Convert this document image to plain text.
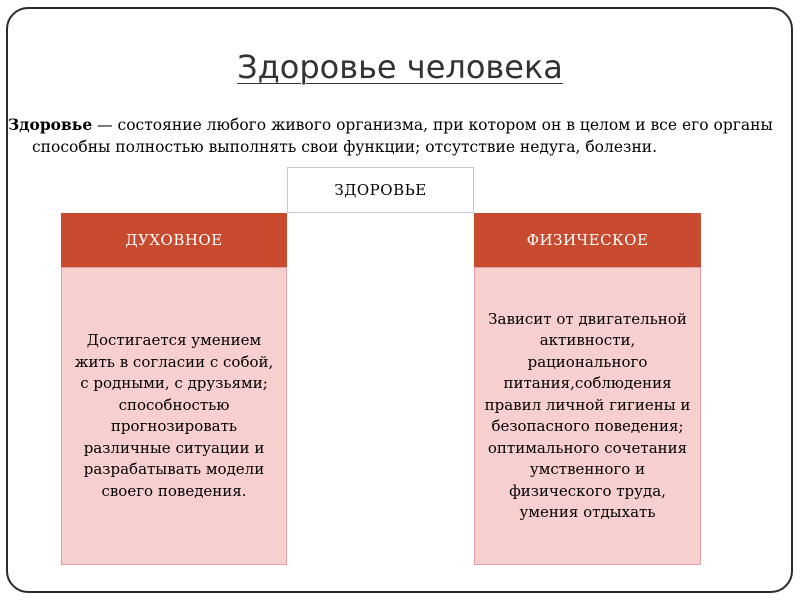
Здоровье человека
Здоровье — состояние любого живого организма, при котором он в целом и все его органы способны полностью выполнять свои функции; отсутствие недуга, болезни.
ЗДОРОВЬЕ
ДУХОВНОЕ

Достигается умением жить в согласии с собой, с родными, с друзьями;

способностью прогнозировать различные ситуации и разрабатывать модели своего поведения.

ФИЗИЧЕСКОЕ

Зависит от двигательной активности, рационального питания,соблюдения правил личной гигиены и безопасного поведения;

оптимального сочетания умственного и физического труда, умения отдыхать
